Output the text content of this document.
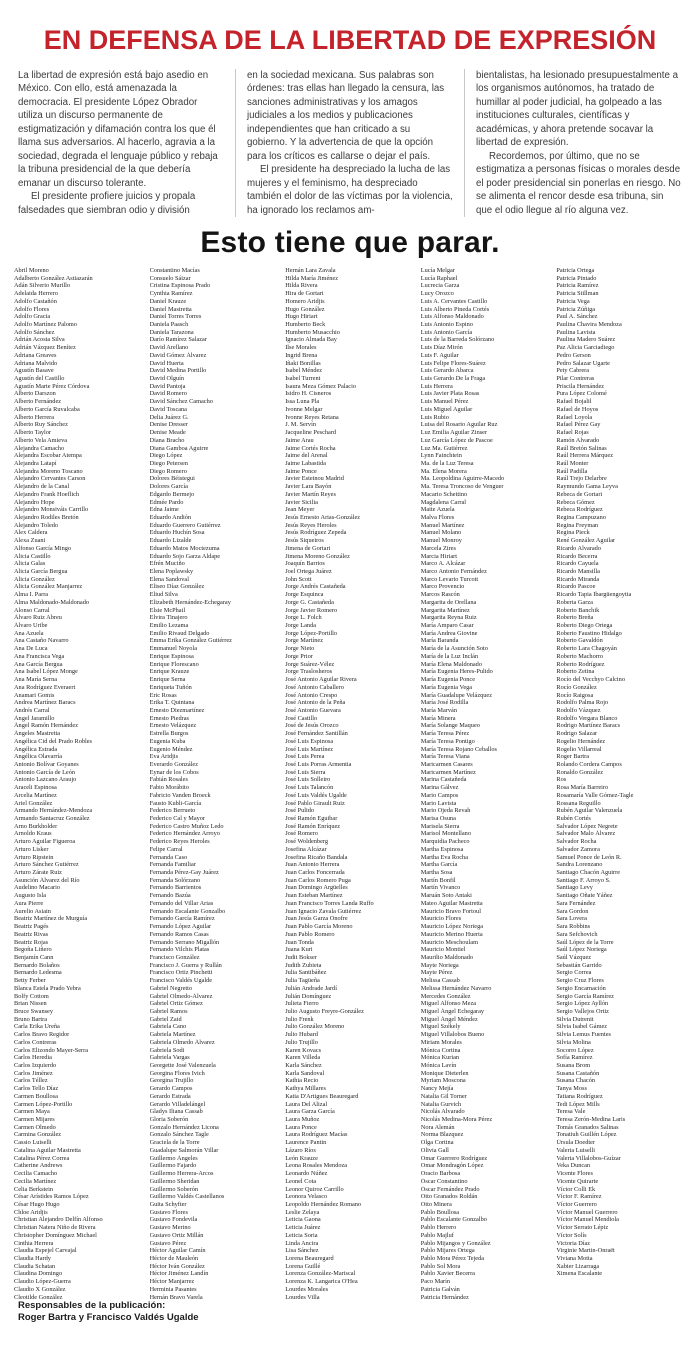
EN DEFENSA DE LA LIBERTAD DE EXPRESIÓN

La libertad de expresión está bajo asedio en México. Con ello, está amenazada la democracia. El presidente López Obrador utiliza un discurso permanente de estigmatización y difamación contra los que él llama sus adversarios. Al hacerlo, agravia a la sociedad, degrada el lenguaje público y rebaja la tribuna presidencial de la que debería emanar un discurso tolerante.

El presidente profiere juicios y propala falsedades que siembran odio y división

en la sociedad mexicana. Sus palabras son órdenes: tras ellas han llegado la censura, las sanciones administrativas y los amagos judiciales a los medios y publicaciones independientes que han criticado a su gobierno. Y la advertencia de que la opción para los críticos es callarse o dejar el país.

El presidente ha despreciado la lucha de las mujeres y el feminismo, ha despreciado también el dolor de las víctimas por la violencia, ha ignorado los reclamos am-

bientalistas, ha lesionado presupuestalmente a los organismos autónomos, ha tratado de humillar al poder judicial, ha golpeado a las instituciones culturales, científicas y académicas, y ahora pretende socavar la libertad de expresión.

Recordemos, por último, que no se estigmatiza a personas físicas o morales desde el poder presidencial sin ponerlas en riesgo. No se alimenta el rencor desde esa tribuna, sin que el odio llegue al río alguna vez.

Esto tiene que parar.
Abril Moreno
Adalberto González Astiazarán
Adán Silverio Murillo
Adelaida Herrero
Adolfo Castañón
Adolfo Flores
Adolfo Gracia
Adolfo Martínez Palomo
Adolfo Sánchez
Adrián Acosta Silva
Adrián Vázquez Benítez
Adriana Greaves
Adriana Malvido
Agustín Basave
Agustín del Castillo
Agustín Marte Pérez Córdova
Alberto Darszon
Alberto Fernández
Alberto García Ruvalcaba
Alberto Herrera
Alberto Ruy Sánchez
Alberto Taylor
Alberto Vela Amieva
Alejandra Camacho
Alejandra Escobar Atempa
Alejandra Latapí
Alejandra Moreno Toscano
Alejandro Cervantes Carson
Alejandro de la Canal
Alejandro Frank Hoeflich
Alejandro Hope
Alejandro Monsiváis Carrillo
Alejandro Rodiles Bretón
Alejandro Toledo
Alex Caldera
Alexa Zuani
Alfonso García Mingo
Alicia Castillo
Alicia Galas
Alicia García Bergua
Alicia González
Alicia González Manjarrez
Alma I. Parra
Alma Maldonado-Maldonado
Alonso Carral
Álvaro Ruiz Abreu
Álvaro Uribe
Ana Azuela
Ana Castaño Navarro
Ana De Luca
Ana Francisca Vega
Ana García Bergua
Ana Isabel López Monge
Ana María Serna
Ana Rodríguez Everaert
Anamari Gomis
Andrea Martínez Baracs
Andrés Carral
Ángel Jaramillo
Ángel Ramón Hernández
Ángeles Mastretta
Angélica Cid del Prado Robles
Angélica Estrada
Angélica Olavarría
Antonio Bolívar Goyanes
Antonio García de León
Antonio Lazcano Araujo
Araceli Espinosa
Arcelia Martínez
Ariel González
Armando Hernández-Mendoza
Armando Santacruz González
Arno Burkholder
Arnoldo Kraus
Arturo Aguilar Figueroa
Arturo Lisker
Arturo Ripstein
Arturo Sánchez Gutiérrez
Arturo Zárate Ruiz
Asunción Álvarez del Río
Audelino Macario
Augusto Isla
Aura Pierre
Aurelio Asiain
Beatriz Martínez de Murguía
Beatriz Pagés
Beatriz Rivas
Beatriz Rojas
Begoña Liñero
Benjamín Cann
Bernardo Bolaños
Bernardo Ledesma
Betty Ferber
Blanca Estela Prado Yebra
Bolfy Cottom
Brian Nissen
Bruce Swansey
Bruno Bartra
Carla Erika Ureña
Carlos Bravo Regidor
Carlos Contreras
Carlos Elizondo Mayer-Serra
Carlos Heredia
Carlos Izquierdo
Carlos Jiménez
Carlos Téllez
Carlos Tello Díaz
Carmen Boullosa
Carmen López-Portillo
Carmen Maya
Carmen Mijares
Carmen Olmedo
Carmina González
Cassio Luiselli
Catalina Aguilar Mastretta
Catalina Pérez Correa
Catherine Andrews
Cecilia Camacho
Cecilia Martínez
Celia Berkstein
César Arístides Ramos López
César Hugo Hugo
Chloe Aridjis
Christian Alejandro Delfín Alfonso
Christian Natera Niño de Rivera
Christopher Domínguez Michael
Cinthia Herrera
Claudia Espejel Carvajal
Claudia Hardy
Claudia Schatan
Claudina Domingo
Claudio López-Guerra
Claudio X González
Cleotilde González
Constantino Macías
Consuelo Sáizar
Cristina Espinosa Prado
Cynthia Ramírez
Daniel Krauze
Daniel Mastretta
Daniel Torres Torres
Daniela Paasch
Daniela Tarazona
Darío Ramírez Salazar
David Arellano
David Gómez Álvarez
David Huerta
David Medina Portillo
David Olguín
David Pantoja
David Romero
David Sánchez Camacho
David Toscana
Delia Juárez G.
Denise Dresser
Denise Meade
Diana Bracho
Diana Gamboa Aguirre
Diego López
Diego Petersen
Diego Romero
Dolores Béistegui
Dolores García
Edgardo Bermejo
Edmée Pardo
Edna Jaime
Eduardo Andión
Eduardo Guerrero Gutiérrez
Eduardo Huchín Sosa
Eduardo Lizalde
Eduardo Matos Moctezuma
Eduardo Sojo Garza Aldape
Efrén Muciño
Elena Poplawsky
Elena Sandoval
Eliseo Díaz González
Eliud Silva
Elizabeth Hernández-Echegaray
Elsie McPhail
Elvira Tinajero
Emilio Lezama
Emilio Rivaud Delgado
Emma Erika González Gutiérrez
Emmanuel Noyola
Enrique Espinosa
Enrique Florescano
Enrique Krauze
Enrique Serna
Enriqueta Tuñón
Eric Rosas
Erika T. Quintana
Ernesto Diezmartínez
Ernesto Piedras
Ernesto Velázquez
Estrella Burgos
Eugenia Kuba
Eugenio Méndez
Eva Aridjis
Everardo González
Eynar de los Cobos
Fabián Rosales
Fabio Morábito
Fabricio Vanden Broeck
Fausto Kubli-García
Federico Berrueto
Federico Cal y Mayor
Federico Castro Muñoz Ledo
Federico Hernández Arroyo
Federico Reyes Heroles
Felipe Carral
Fernanda Caso
Fernanda Familiar
Fernanda Pérez-Gay Juárez
Fernanda Solórzano
Fernando Barrientos
Fernando Bazúa
Fernando del Villar Arias
Fernando Escalante Gonzalbo
Fernando García Ramírez
Fernando López Aguilar
Fernando Ramos Casas
Fernando Serrano Migallón
Fernando Vilchis Platas
Francisco González
Francisco J. Guerra y Rullán
Francisco Ortiz Pinchetti
Francisco Valdés Ugalde
Gabriel Negretto
Gabriel Olmedo-Álvarez
Gabriel Ortiz Gómez
Gabriel Ramos
Gabriel Zaid
Gabriela Cano
Gabriela Martínez
Gabriela Olmedo Álvarez
Gabriela Sodi
Gabriela Vargas
Georgette José Valenzuela
Georgina Flores Ivich
Georgina Trujillo
Gerardo Campos
Gerardo Estrada
Gerardo Villadelángel
Gladys Iliana Cassab
Gloria Soberón
Gonzalo Hernández Licona
Gonzalo Sánchez Tagle
Graciela de la Torre
Guadalupe Salmorán Villar
Guillermo Ángeles
Guillermo Fajardo
Guillermo Herrera-Arcos
Guillermo Sheridan
Guillermo Soberón
Guillermo Valdés Castellanos
Guita Schyfter
Gustavo Flores
Gustavo Fondevila
Gustavo Merino
Gustavo Ortiz Millán
Gustavo Pérez
Héctor Aguilar Camín
Héctor de Mauleón
Héctor Iván González
Héctor Jiménez Landín
Héctor Manjarrez
Herminia Pasantes
Hernán Bravo Varela
Hernán Lara Zavala
Hilda María Jiménez
Hilda Rivera
Hira de Gortari
Homero Aridjis
Hugo González
Hugo Hiriart
Humberto Beck
Humberto Musacchio
Ignacio Almada Bay
Ilse Morales
Ingrid Brena
Iñaki Bonillas
Isabel Méndez
Isabel Turrent
Isaura Meza Gómez Palacio
Isidro H. Cisneros
Issa Luna Pla
Ivonne Melgar
Ivonne Reyes Retana
J. M. Servín
Jacqueline Peschard
Jaime Arau
Jaime Cortés Rocha
Jaime del Arenal
Jaime Labastida
Jaime Ponce
Javier Esteinou Madrid
Javier Lara Bayón
Javier Martín Reyes
Javier Sicilia
Jean Meyer
Jesús Ernesto Arias-González
Jesús Reyes Heroles
Jesús Rodríguez Zepeda
Jesús Siqueiros
Jimena de Gortari
Jimena Moreno González
Joaquín Barrios
Joel Ortega Juárez
John Scott
Jorge Andrés Castañeda
Jorge Esquinca
Jorge G. Castañeda
Jorge Javier Romero
Jorge L. Folch
Jorge Landa
Jorge López-Portillo
Jorge Martínez
Jorge Nieto
Jorge Prior
Jorge Suárez-Vélez
Jorge Traslosheros
José Antonio Aguilar Rivera
José Antonio Caballero
José Antonio Crespo
José Antonio de la Peña
José Antonio Guevara
José Castillo
José de Jesús Orozco
José Fernández Santillán
José Luis Espinosa
José Luis Martínez
José Luis Perea
José Luis Porras Armentia
José Luis Sierra
José Luis Solleiro
José Luis Talancón
José Luis Valdés Ugalde
José Pablo Girault Ruiz
José Pulido
José Ramón Eguibar
José Ramón Enríquez
José Romero
José Woldenberg
Josefina Alcázar
Josefina Ricaño Bandala
Juan Antonio Herrera
Juan Carlos Foncerrada
Juan Carlos Romero Puga
Juan Domingo Argüelles
Juan Esteban Martínez
Juan Francisco Torres Landa Ruffo
Juan Ignacio Zavala Gutiérrez
Juan Jesús Garza Onofre
Juan Pablo García Moreno
Juan Pablo Romero
Juan Tonda
Juana Kuri
Judit Bokser
Judith Zubieta
Julia Santibáñez
Julia Tagüeña
Julián Andrade Jardí
Julián Domínguez
Julieta Fierro
Julio Augusto Freyre-González
Julio Frenk
Julio González Moreno
Julio Hubard
Julio Trujillo
Karen Kovacs
Karen Villeda
Karla Sánchez
Karla Sandoval
Kathia Recio
Kathya Millares
Katia D'Artigues Beauregard
Laura Del Alizal
Laura Garza García
Laura Muñoz
Laura Ponce
Laura Rodríguez Macías
Laurence Pantin
Lázaro Ríos
León Krauze
Leona Rosales Mendoza
Leonardo Núñez
Leonel Cota
Leonor Quiroz Carrillo
Leonora Velasco
Leopoldo Hernández Romano
Leslie Zelaya
Leticia Gaona
Leticia Juárez
Leticia Soria
Linda Ancira
Lisa Sánchez
Lorena Beauregard
Lorena Guillé
Lorenza González-Mariscal
Lorenza K. Langarica O'Hea
Lourdes Morales
Lourdes Villa
Lucía Melgar
Lucía Raphael
Lucrecia Garza
Lucy Orozco
Luis A. Cervantes Castillo
Luis Alberto Pineda Cortés
Luis Alfonso Maldonado
Luis Antonio Espino
Luis Antonio García
Luis de la Barreda Solórzano
Luis Díaz Mirón
Luis F. Aguilar
Luis Felipe Flores-Suárez
Luis Gerardo Abarca
Luis Gerardo De la Fraga
Luis Herrera
Luis Javier Plata Rosas
Luis Manuel Pérez
Luis Miguel Aguilar
Luis Rubio
Luisa del Rosario Aguilar Ruz
Luz Emilia Aguilar Zinser
Luz García López de Pascoe
Luz Ma. Gutiérrez
Lynn Fainchtein
Ma. de la Luz Teresa
Ma. Elena Morera
Ma. Leopoldina Aguirre-Macedo
Ma. Teresa Troncoso de Venguer
Macario Schettino
Magdalena Carral
Maite Azuela
Malva Flores
Manuel Martínez
Manuel Molano
Manuel Monroy
Marcela Zires
Marcia Hiriart
Marco A. Alcázar
Marco Antonio Fernández
Marco Levario Turcott
Marco Provencio
Marcos Rascón
Margarita de Orellana
Margarita Martínez
Margarita Reyna Ruiz
María Amparo Casar
María Andrea Giovine
María Baranda
María de la Asunción Soto
María de la Luz Inclán
María Elena Maldonado
María Eugenia Heres-Pulido
María Eugenia Ponce
María Eugenia Vega
María Guadalupe Velázquez
María José Rodilla
María Marván
María Minera
María Solange Maqueo
María Teresa Pérez
María Teresa Pontigo
María Teresa Rojano Ceballos
María Teresa Viana
Maricarmen Casares
Maricarmen Martínez
Marina Castañeda
Marina Gálvez
Mario Campos
Mario Lavista
Mario Ojeda Revah
Marisa Osuna
Marisela Sierra
Marisol Montellano
Marquidia Pacheco
Martha Espinosa
Martha Eva Rocha
Martha García
Martha Sosa
Martín Bonfil
Martín Vivanco
Maruán Soto Antaki
Mateo Aguilar Mastretta
Mauricio Bravo Fortoul
Mauricio Flores
Mauricio López Noriega
Mauricio Merino Huerta
Mauricio Meschoulam
Mauricio Montiel
Maurilio Maldonado
Mayte Noriega
Mayte Pérez
Melissa Cassab
Melissa Hernández Navarro
Mercedes González
Miguel Alfonso Meza
Miguel Ángel Echegaray
Miguel Ángel Méndez
Miguel Székely
Miguel Villalobos Bueno
Miriam Morales
Mónica Cortina
Mónica Kurian
Mónica Lavín
Monique Dieterlen
Myriam Moscona
Nancy Mejía
Natalia Gil Torner
Natalia Gurvich
Nicolás Alvarado
Nicolás Medina-Mora Pérez
Nora Alemán
Norma Blazquez
Olga Cortina
Olivia Gall
Omar Guerrero Rodríguez
Omar Mondragón López
Oracio Barbosa
Óscar Constantino
Óscar Fernández Prado
Otto Granados Roldán
Otto Minera
Pablo Boullosa
Pablo Escalante Gonzalbo
Pablo Herrero
Pablo Majluf
Pablo Mijangos y González
Pablo Mijares Ortega
Pablo Mora Pérez Tejeda
Pablo Sol Mora
Pablo Xavier Becerra
Paco Marín
Patricia Galván
Patricia Hernández
Patricia Ortega
Patricia Pintado
Patricia Ramírez
Patricia Stillman
Patricia Vega
Patricia Zúñiga
Paul A. Sánchez
Paulina Chavira Mendoza
Paulina Lavista
Paulina Madero Suárez
Paz Alicia Garciadiego
Pedro Gerson
Pedro Salazar Ugarte
Pety Cabrera
Pilar Contreras
Priscila Hernández
Pura López Colomé
Rafael Bojalil
Rafael de Hoyos
Rafael Loyola
Rafael Pérez Gay
Rafael Rojas
Ramón Alvarado
Raúl Bretón Salinas
Raúl Herrera Márquez
Raúl Monter
Raúl Padilla
Raúl Trejo Delarbre
Raymundo Gama Leyva
Rebeca de Gortari
Rebeca Gómez
Rebeca Rodríguez
Regina Campuzano
Regina Freyman
Regina Pieck
René González Aguilar
Ricardo Alvarado
Ricardo Becerra
Ricardo Cayuela
Ricardo Mansilla
Ricardo Miranda
Ricardo Pascoe
Ricardo Tapia Ibargüengoytia
Roberta Garza
Roberto Banchik
Roberto Breña
Roberto Diego Ortega
Roberto Faustino Hidalgo
Roberto Gavaldón
Roberto Lara Chagoyán
Roberto Machorro
Roberto Rodríguez
Roberto Zetina
Rocío del Vecchyo Calcino
Rocío González
Rocío Raigosa
Rodolfo Palma Rojo
Rodolfo Vázquez
Rodolfo Vergara Blanco
Rodrigo Martínez Baracs
Rodrigo Salazar
Rogelio Hernández
Rogelio Villarreal
Roger Bartra
Rolando Cordera Campos
Ronaldo González
Ros
Rosa María Barreiro
Rosamaría Valle Gómez-Tagle
Rossana Reguillo
Rubén Aguilar Valenzuela
Rubén Cortés
Salvador López Negrete
Salvador Malo Álvarez
Salvador Rocha
Salvador Zamora
Samuel Ponce de León R.
Sandra Lorenzano
Santiago Chacón Aguirre
Santiago F. Arroyo S.
Santiago Levy
Santiago Oñate Yáñez
Sara Fernández
Sara Gordon
Sara Lovera
Sara Robbins
Sara Sefchovich
Saúl López de la Torre
Saúl López Noriega
Saúl Vázquez
Sebastián Garrido
Sergio Correa
Sergio Cruz Flores
Sergio Encarnación
Sergio García Ramírez
Sergio López Ayllón
Sergio Vallejos Ortiz
Silvia Dutrenit
Silvia Isabel Gámez
Silvia Lemus Fuentes
Silvia Molina
Socorro López
Sofía Ramírez
Susana Brom
Susana Castañón
Susana Chacón
Tanya Moss
Tatiana Rodríguez
Tedi López Mills
Teresa Vale
Teresa Zerón-Medina Laris
Tomás Granados Salinas
Tonatiuh Guillén López
Úrsula Doedter
Valeria Luiselli
Valeria Villalobos-Guízar
Veka Duncan
Vicente Flores
Vicente Quirarte
Víctor Colli Ek
Víctor F. Ramírez
Víctor Guerrero
Víctor Manuel Guerrero
Víctor Manuel Mendiola
Víctor Serrato Lépiz
Víctor Solís
Victoria Díaz
Virginie Martin-Onraët
Viviana Motta
Xabier Lizarraga
Ximena Escalante
Responsables de la publicación:
Roger Bartra y Francisco Valdés Ugalde
